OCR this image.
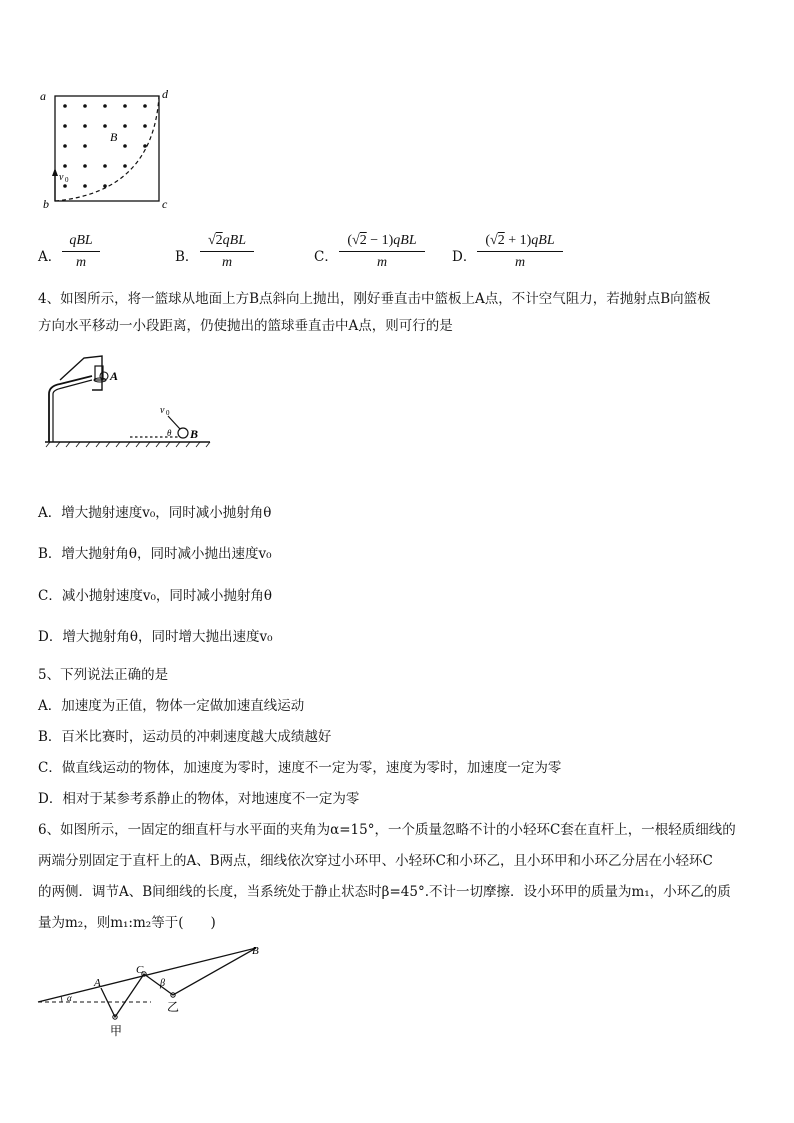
a	d
b	c
B
v 0
A．
qBL
m	B．
√2qBL
m	C．
(√2 − 1)qBL
m	D．
(√2 + 1)qBL
m
4、如图所示，将一篮球从地面上方B点斜向上抛出，刚好垂直击中篮板上A点，不计空气阻力，若抛射点B向篮板
方向水平移动一小段距离，仍使抛出的篮球垂直击中A点，则可行的是
A
B
v 0
θ
A．增大抛射速度v₀，同时减小抛射角θ
B．增大抛射角θ，同时减小抛出速度v₀
C．减小抛射速度v₀，同时减小抛射角θ
D．增大抛射角θ，同时增大抛出速度v₀
5、下列说法正确的是
A．加速度为正值，物体一定做加速直线运动
B．百米比赛时，运动员的冲刺速度越大成绩越好
C．做直线运动的物体，加速度为零时，速度不一定为零，速度为零时，加速度一定为零
D．相对于某参考系静止的物体，对地速度不一定为零
6、如图所示，一固定的细直杆与水平面的夹角为α=15°，一个质量忽略不计的小轻环C套在直杆上，一根轻质细线的
两端分别固定于直杆上的A、B两点，细线依次穿过小环甲、小轻环C和小环乙，且小环甲和小环乙分居在小轻环C
的两侧．调节A、B间细线的长度，当系统处于静止状态时β=45°.不计一切摩擦．设小环甲的质量为m₁，小环乙的质
量为m₂，则m₁:m₂等于(　　)
α
A
B
C
β
甲
乙
